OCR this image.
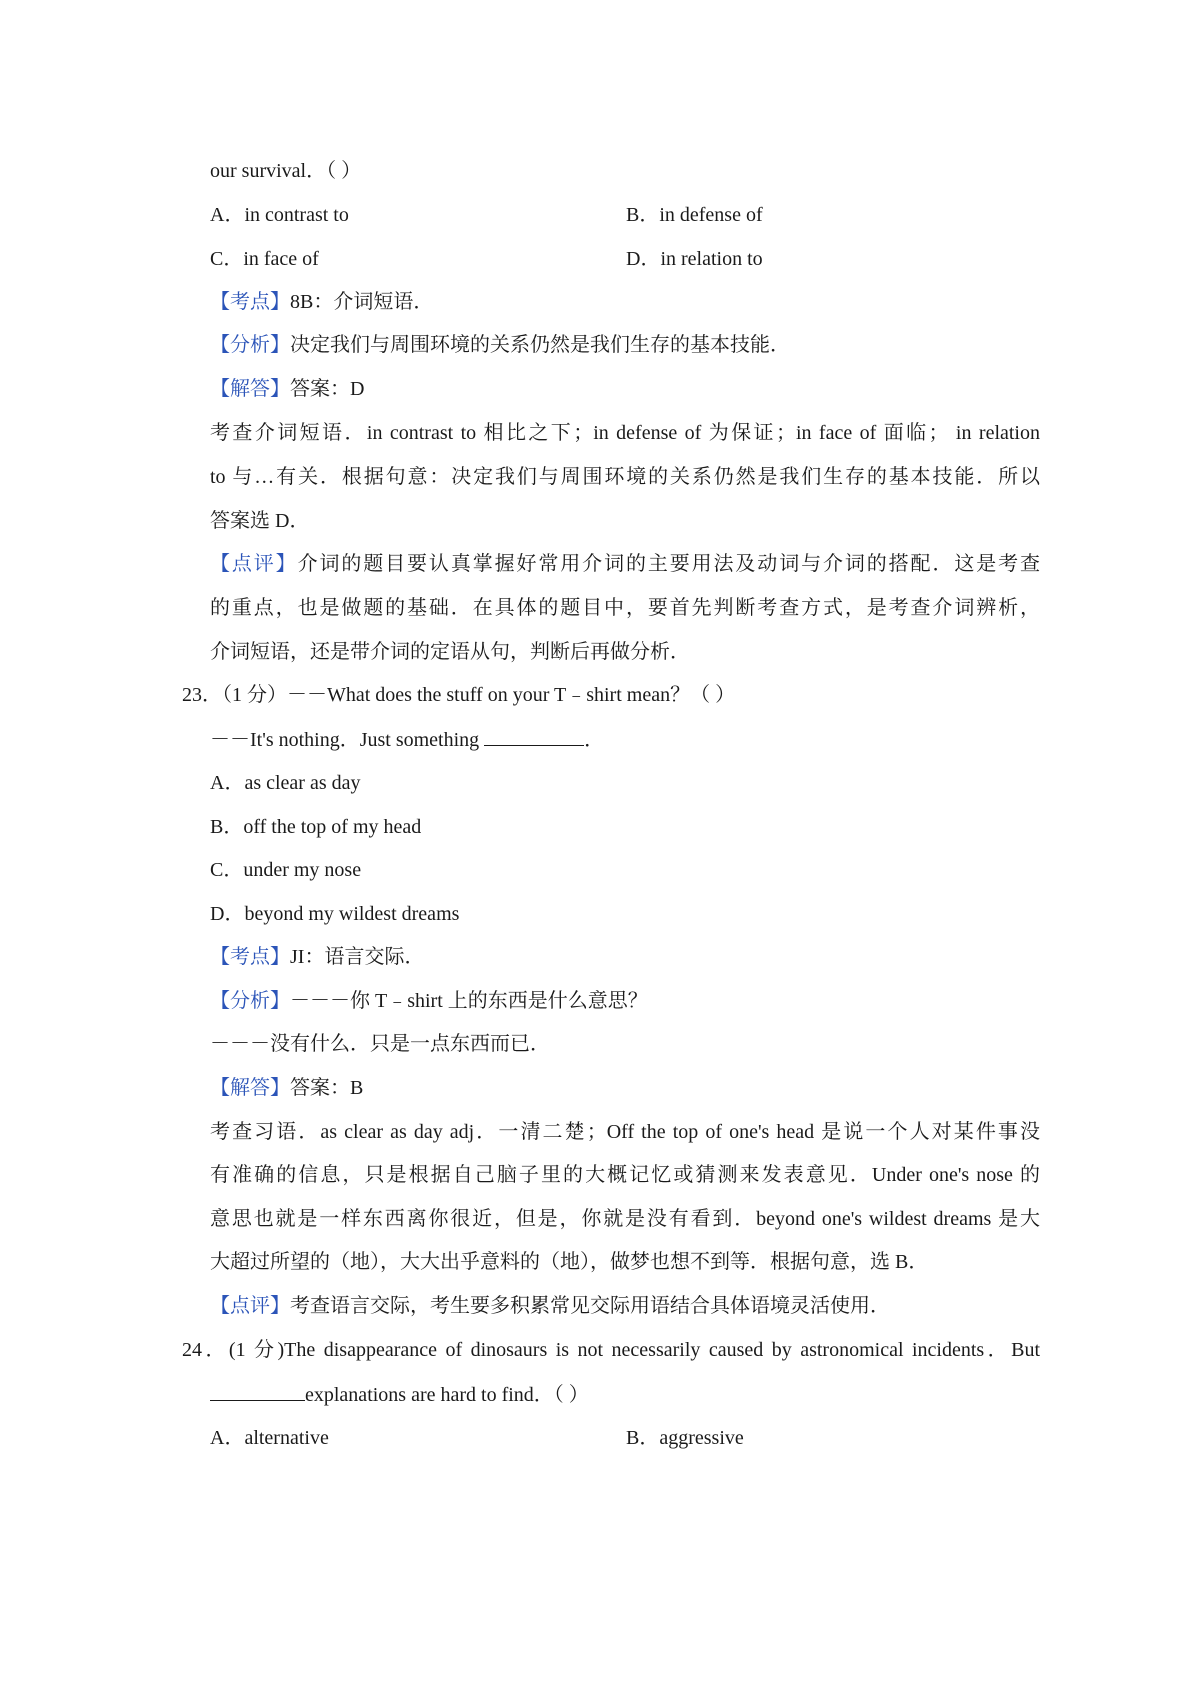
our survival．（ ）
A．in contrast to	B．in defense of
C．in face of	D．in relation to
【考点】8B：介词短语．
【分析】决定我们与周围环境的关系仍然是我们生存的基本技能．
【解答】答案：D
考查介词短语．in contrast to 相比之下；in defense of 为保证；in face of 面临； in relation
to 与…有关．根据句意：决定我们与周围环境的关系仍然是我们生存的基本技能．所以
答案选 D．
【点评】介词的题目要认真掌握好常用介词的主要用法及动词与介词的搭配．这是考查
的重点，也是做题的基础．在具体的题目中，要首先判断考查方式，是考查介词辨析，
介词短语，还是带介词的定语从句，判断后再做分析．
23．（1 分）－－What does the stuff on your T﹣shirt mean？（ ）
－－It's nothing．Just something	．
A．as clear as day
B．off the top of my head
C．under my nose
D．beyond my wildest dreams
【考点】JI：语言交际．
【分析】－－－你 T﹣shirt 上的东西是什么意思？
－－－没有什么．只是一点东西而已．
【解答】答案：B
考查习语．as clear as day adj．一清二楚；Off the top of one's head 是说一个人对某件事没
有准确的信息，只是根据自己脑子里的大概记忆或猜测来发表意见．Under one's nose 的
意思也就是一样东西离你很近，但是，你就是没有看到．beyond one's wildest dreams 是大
大超过所望的（地），大大出乎意料的（地），做梦也想不到等．根据句意，选 B．
【点评】考查语言交际，考生要多积累常见交际用语结合具体语境灵活使用．
24．(1 分)The disappearance of dinosaurs is not necessarily caused by astronomical incidents．But
explanations are hard to find．（ ）
A．alternative	B．aggressive
